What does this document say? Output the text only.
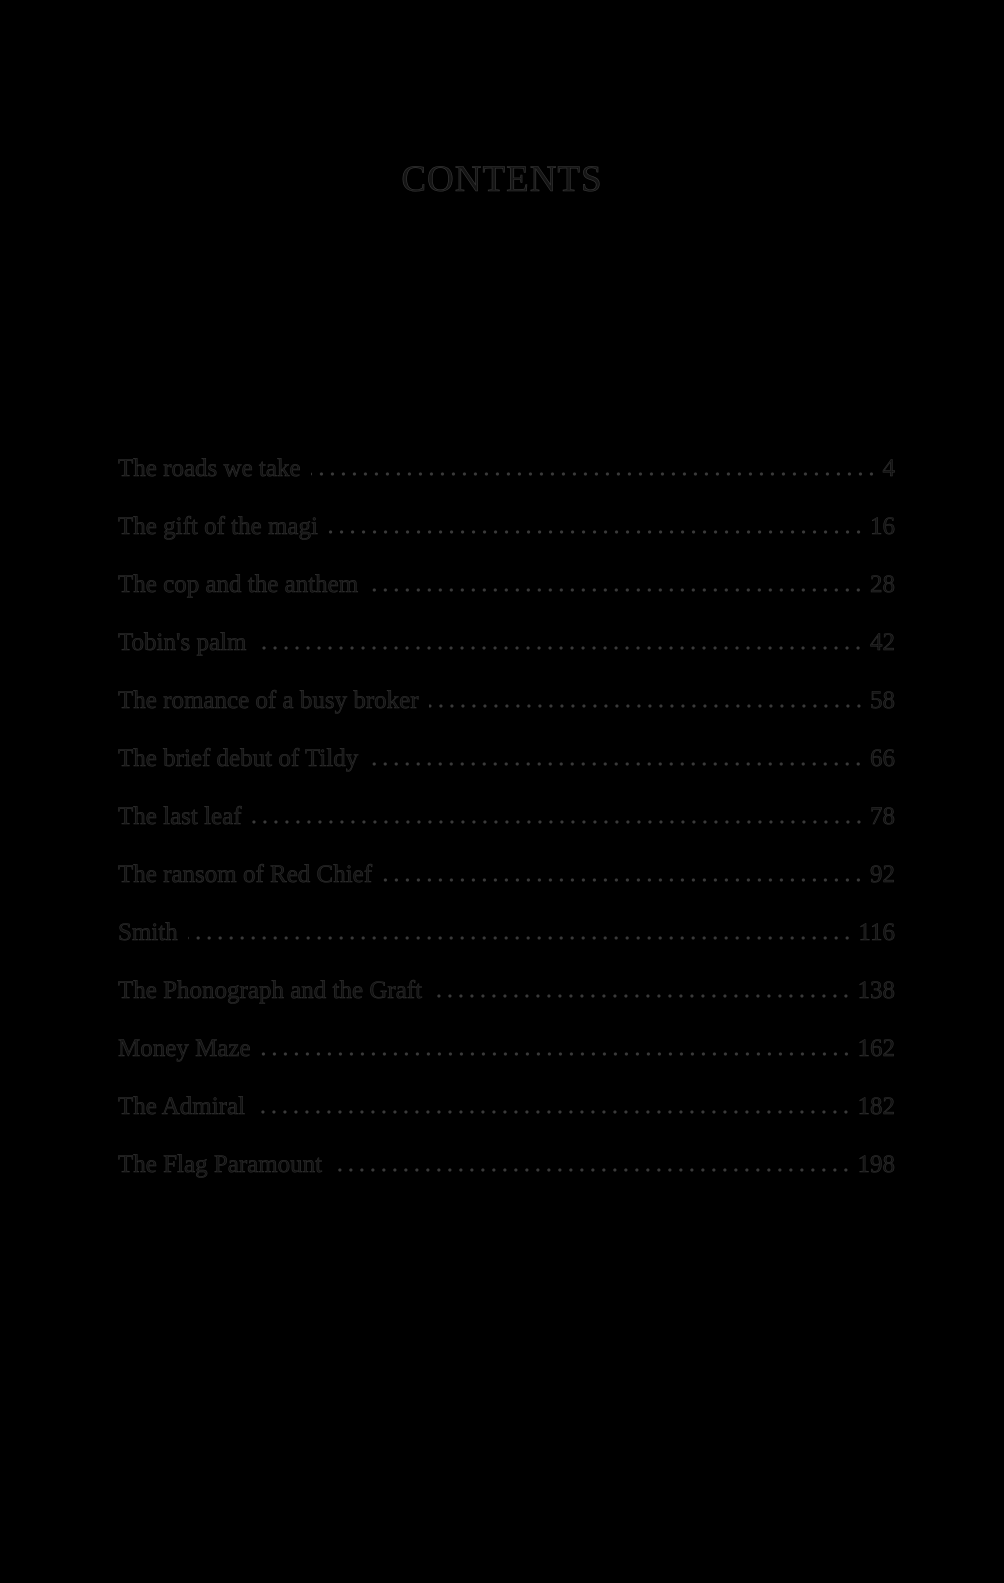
CONTENTS
The roads we take	4
The gift of the magi	16
The cop and the anthem	28
Tobin's palm	42
The romance of a busy broker	58
The brief debut of Tildy	66
The last leaf	78
The ransom of Red Chief	92
Smith	116
The Phonograph and the Graft	138
Money Maze	162
The Admiral	182
The Flag Paramount	198
